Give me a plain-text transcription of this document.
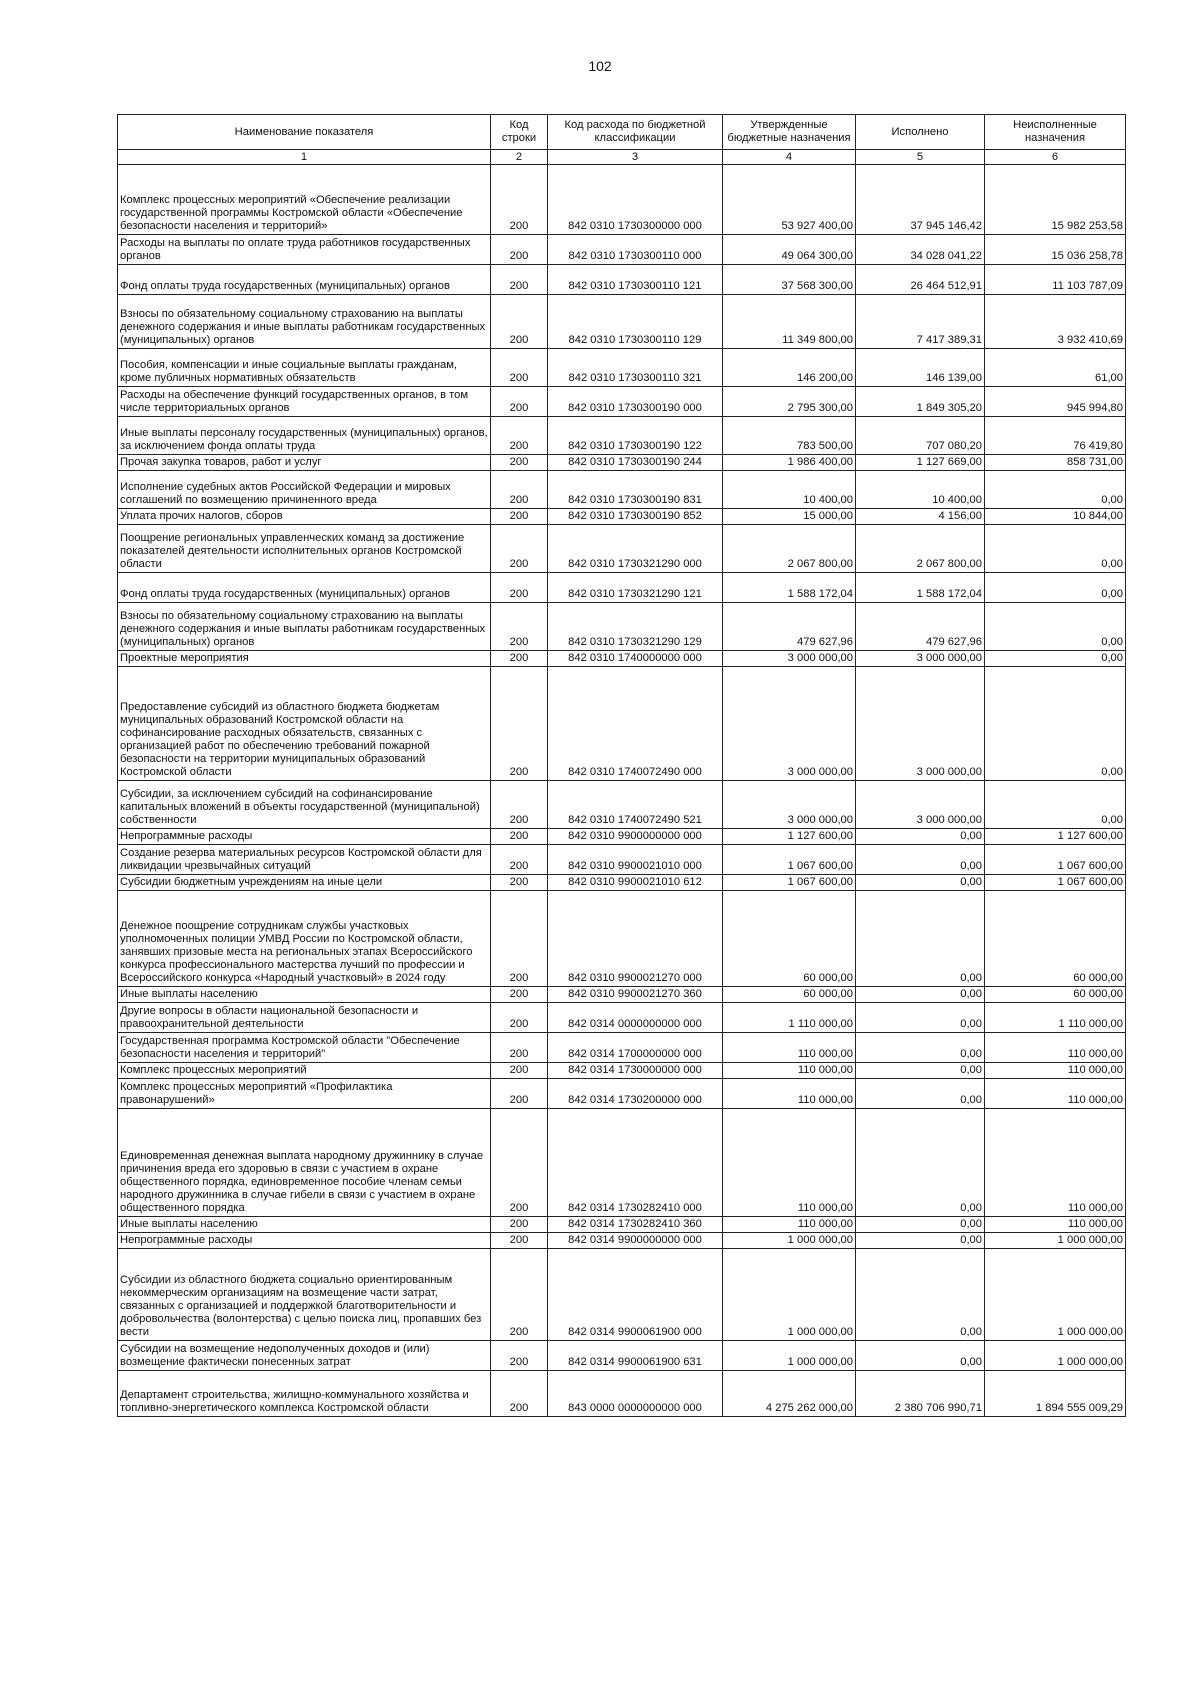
102
Наименование показателя	Код строки	Код расхода по бюджетной классификации	Утвержденные бюджетные назначения	Исполнено	Неисполненные назначения
1	2	3	4	5	6
Комплекс процессных мероприятий «Обеспечение реализации государственной программы Костромской области «Обеспечение безопасности населения и территорий»	200	842 0310 1730300000 000	53 927 400,00	37 945 146,42	15 982 253,58
Расходы на выплаты по оплате труда работников государственных органов	200	842 0310 1730300110 000	49 064 300,00	34 028 041,22	15 036 258,78
Фонд оплаты труда государственных (муниципальных) органов	200	842 0310 1730300110 121	37 568 300,00	26 464 512,91	11 103 787,09
Взносы по обязательному социальному страхованию на выплаты денежного содержания и иные выплаты работникам государственных (муниципальных) органов	200	842 0310 1730300110 129	11 349 800,00	7 417 389,31	3 932 410,69
Пособия, компенсации и иные социальные выплаты гражданам, кроме публичных нормативных обязательств	200	842 0310 1730300110 321	146 200,00	146 139,00	61,00
Расходы на обеспечение функций государственных органов, в том числе территориальных органов	200	842 0310 1730300190 000	2 795 300,00	1 849 305,20	945 994,80
Иные выплаты персоналу государственных (муниципальных) органов, за исключением фонда оплаты труда	200	842 0310 1730300190 122	783 500,00	707 080,20	76 419,80
Прочая закупка товаров, работ и услуг	200	842 0310 1730300190 244	1 986 400,00	1 127 669,00	858 731,00
Исполнение судебных актов Российской Федерации и мировых соглашений по возмещению причиненного вреда	200	842 0310 1730300190 831	10 400,00	10 400,00	0,00
Уплата прочих налогов, сборов	200	842 0310 1730300190 852	15 000,00	4 156,00	10 844,00
Поощрение региональных управленческих команд за достижение показателей деятельности исполнительных органов Костромской области	200	842 0310 1730321290 000	2 067 800,00	2 067 800,00	0,00
Фонд оплаты труда государственных (муниципальных) органов	200	842 0310 1730321290 121	1 588 172,04	1 588 172,04	0,00
Взносы по обязательному социальному страхованию на выплаты денежного содержания и иные выплаты работникам государственных (муниципальных) органов	200	842 0310 1730321290 129	479 627,96	479 627,96	0,00
Проектные мероприятия	200	842 0310 1740000000 000	3 000 000,00	3 000 000,00	0,00
Предоставление субсидий из областного бюджета бюджетам муниципальных образований Костромской области на софинансирование расходных обязательств, связанных с организацией работ по обеспечению требований пожарной безопасности на территории муниципальных образований Костромской области	200	842 0310 1740072490 000	3 000 000,00	3 000 000,00	0,00
Субсидии, за исключением субсидий на софинансирование капитальных вложений в объекты государственной (муниципальной) собственности	200	842 0310 1740072490 521	3 000 000,00	3 000 000,00	0,00
Непрограммные расходы	200	842 0310 9900000000 000	1 127 600,00	0,00	1 127 600,00
Создание резерва материальных ресурсов Костромской области для ликвидации чрезвычайных ситуаций	200	842 0310 9900021010 000	1 067 600,00	0,00	1 067 600,00
Субсидии бюджетным учреждениям на иные цели	200	842 0310 9900021010 612	1 067 600,00	0,00	1 067 600,00
Денежное поощрение сотрудникам службы участковых уполномоченных полиции УМВД России по Костромской области, занявших призовые места на региональных этапах Всероссийского конкурса профессионального мастерства лучший по профессии и Всероссийского конкурса «Народный участковый» в 2024 году	200	842 0310 9900021270 000	60 000,00	0,00	60 000,00
Иные выплаты населению	200	842 0310 9900021270 360	60 000,00	0,00	60 000,00
Другие вопросы в области национальной безопасности и правоохранительной деятельности	200	842 0314 0000000000 000	1 110 000,00	0,00	1 110 000,00
Государственная программа Костромской области "Обеспечение безопасности населения и территорий"	200	842 0314 1700000000 000	110 000,00	0,00	110 000,00
Комплекс процессных мероприятий	200	842 0314 1730000000 000	110 000,00	0,00	110 000,00
Комплекс процессных мероприятий «Профилактика правонарушений»	200	842 0314 1730200000 000	110 000,00	0,00	110 000,00
Единовременная денежная выплата народному дружиннику в случае причинения вреда его здоровью в связи с участием в охране общественного порядка, единовременное пособие членам семьи народного дружинника в случае гибели в связи с участием в охране общественного порядка	200	842 0314 1730282410 000	110 000,00	0,00	110 000,00
Иные выплаты населению	200	842 0314 1730282410 360	110 000,00	0,00	110 000,00
Непрограммные расходы	200	842 0314 9900000000 000	1 000 000,00	0,00	1 000 000,00
Субсидии из областного бюджета социально ориентированным некоммерческим организациям на возмещение части затрат, связанных с организацией и поддержкой благотворительности и добровольчества (волонтерства) с целью поиска лиц, пропавших без вести	200	842 0314 9900061900 000	1 000 000,00	0,00	1 000 000,00
Субсидии на возмещение недополученных доходов и (или) возмещение фактически понесенных затрат	200	842 0314 9900061900 631	1 000 000,00	0,00	1 000 000,00
Департамент строительства, жилищно-коммунального хозяйства и топливно-энергетического комплекса Костромской области	200	843 0000 0000000000 000	4 275 262 000,00	2 380 706 990,71	1 894 555 009,29
